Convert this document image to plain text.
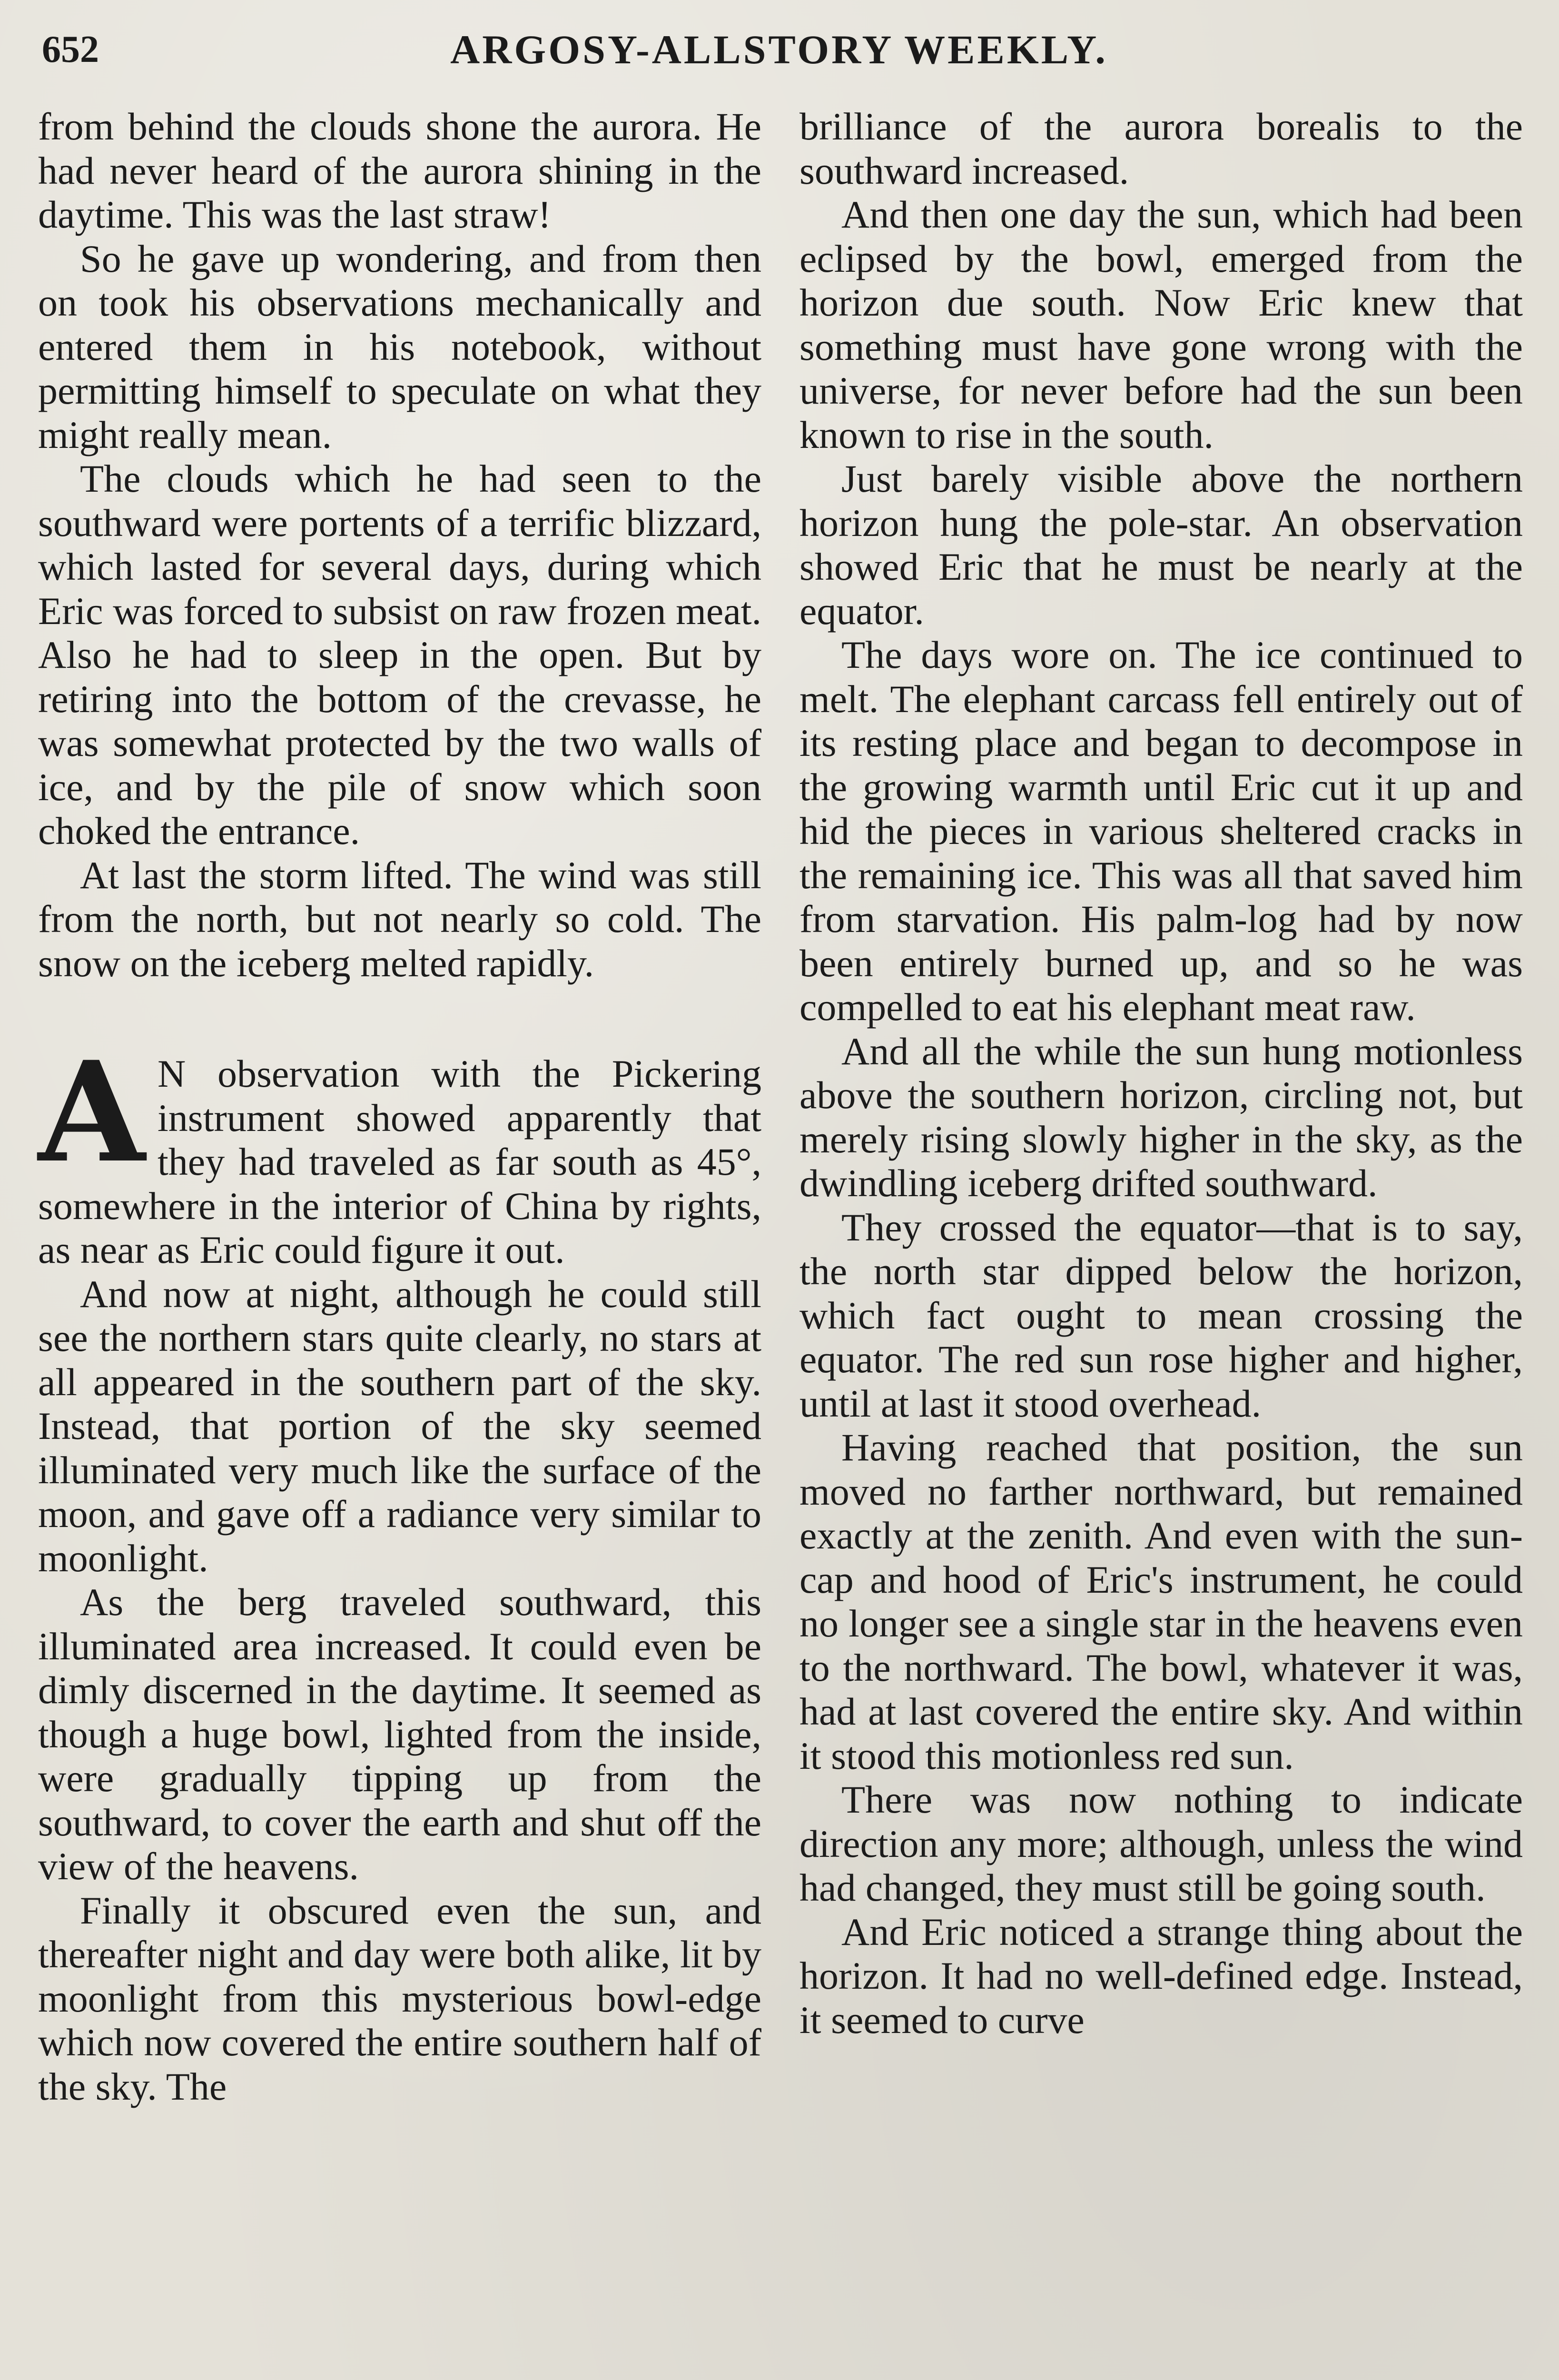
652	ARGOSY-ALLSTORY WEEKLY.

from behind the clouds shone the aurora. He had never heard of the aurora shining in the daytime. This was the last straw!

So he gave up wondering, and from then on took his observations mechanically and entered them in his notebook, without permitting himself to speculate on what they might really mean.

The clouds which he had seen to the southward were portents of a terrific blizzard, which lasted for several days, during which Eric was forced to subsist on raw frozen meat. Also he had to sleep in the open. But by retiring into the bottom of the crevasse, he was somewhat protected by the two walls of ice, and by the pile of snow which soon choked the entrance.

At last the storm lifted. The wind was still from the north, but not nearly so cold. The snow on the iceberg melted rapidly.

A N observation with the Pickering instrument showed apparently that they had traveled as far south as 45°, somewhere in the interior of China by rights, as near as Eric could figure it out.

And now at night, although he could still see the northern stars quite clearly, no stars at all appeared in the southern part of the sky. Instead, that portion of the sky seemed illuminated very much like the surface of the moon, and gave off a radiance very similar to moonlight.

As the berg traveled southward, this illuminated area increased. It could even be dimly discerned in the daytime. It seemed as though a huge bowl, lighted from the inside, were gradually tipping up from the southward, to cover the earth and shut off the view of the heavens.

Finally it obscured even the sun, and thereafter night and day were both alike, lit by moonlight from this mysterious bowl-edge which now covered the entire southern half of the sky. The

brilliance of the aurora borealis to the southward increased.

And then one day the sun, which had been eclipsed by the bowl, emerged from the horizon due south. Now Eric knew that something must have gone wrong with the universe, for never before had the sun been known to rise in the south.

Just barely visible above the northern horizon hung the pole-star. An observation showed Eric that he must be nearly at the equator.

The days wore on. The ice continued to melt. The elephant carcass fell entirely out of its resting place and began to decompose in the growing warmth until Eric cut it up and hid the pieces in various sheltered cracks in the remaining ice. This was all that saved him from starvation. His palm-log had by now been entirely burned up, and so he was compelled to eat his elephant meat raw.

And all the while the sun hung motionless above the southern horizon, circling not, but merely rising slowly higher in the sky, as the dwindling iceberg drifted southward.

They crossed the equator—that is to say, the north star dipped below the horizon, which fact ought to mean crossing the equator. The red sun rose higher and higher, until at last it stood overhead.

Having reached that position, the sun moved no farther northward, but remained exactly at the zenith. And even with the sun-cap and hood of Eric's instrument, he could no longer see a single star in the heavens even to the northward. The bowl, whatever it was, had at last covered the entire sky. And within it stood this motionless red sun.

There was now nothing to indicate direction any more; although, unless the wind had changed, they must still be going south.

And Eric noticed a strange thing about the horizon. It had no well-defined edge. Instead, it seemed to curve
